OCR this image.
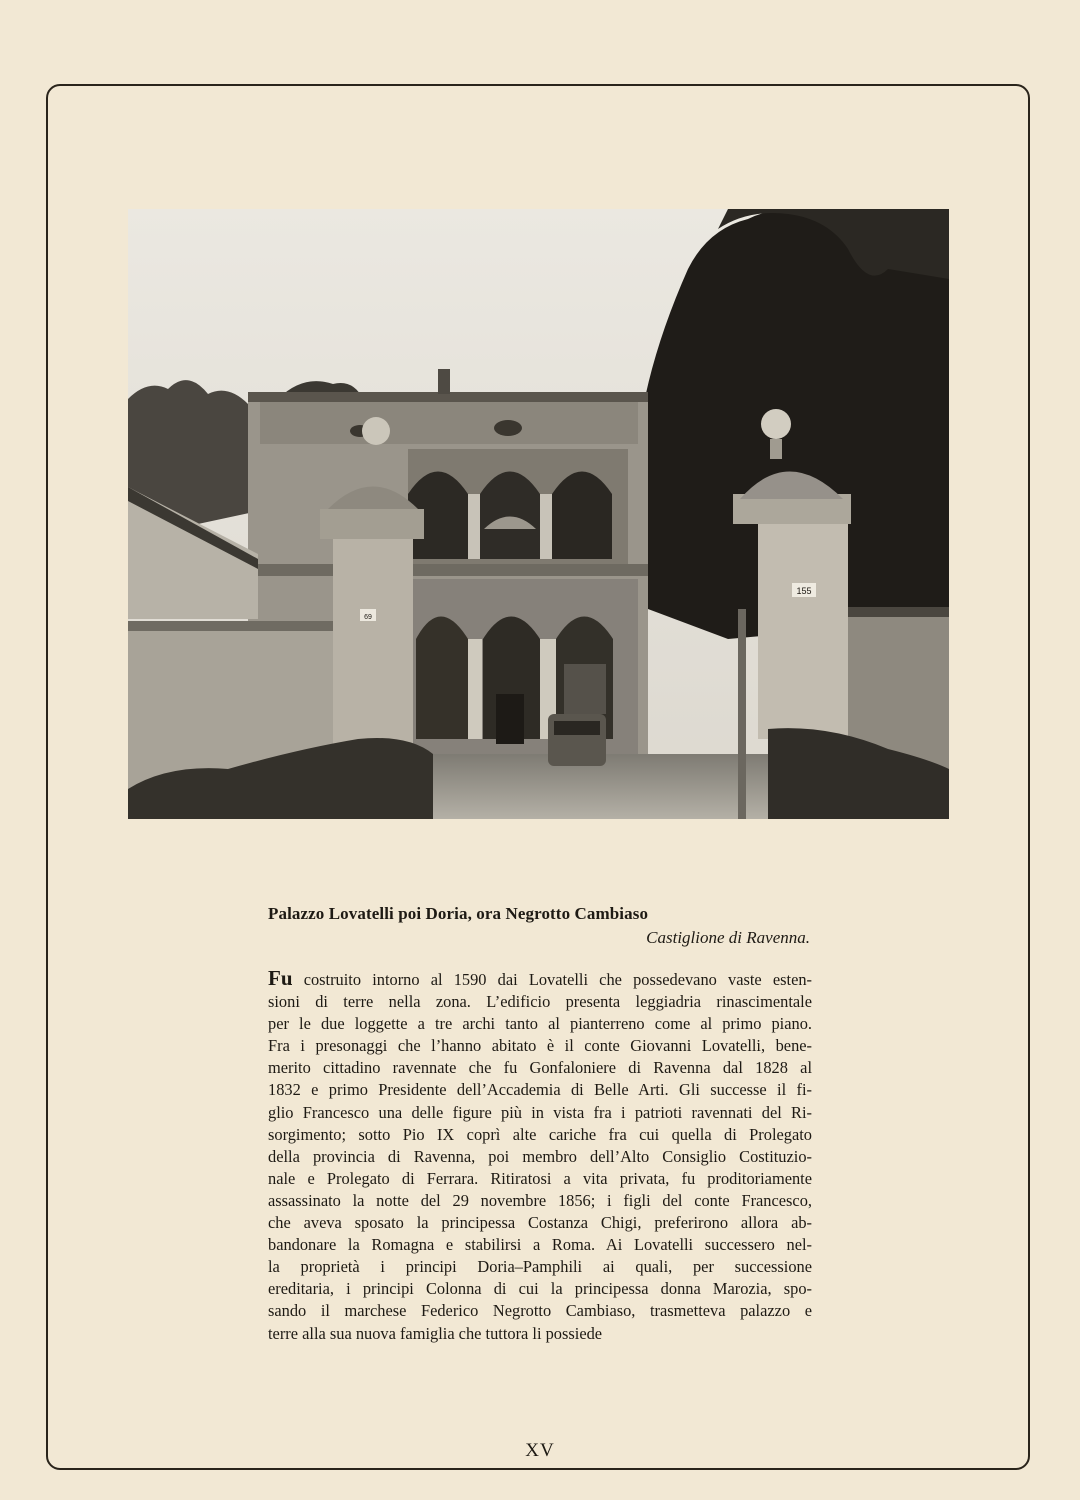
69
155
Palazzo Lovatelli poi Doria, ora Negrotto Cambiaso
Castiglione di Ravenna.
Fu costruito intorno al 1590 dai Lovatelli che possedevano vaste esten-
sioni di terre nella zona. L’edificio presenta leggiadria rinascimentale
per le due loggette a tre archi tanto al pianterreno come al primo piano.
Fra i presonaggi che l’hanno abitato è il conte Giovanni Lovatelli, bene-
merito cittadino ravennate che fu Gonfaloniere di Ravenna dal 1828 al
1832 e primo Presidente dell’Accademia di Belle Arti. Gli successe il fi-
glio Francesco una delle figure più in vista fra i patrioti ravennati del Ri-
sorgimento; sotto Pio IX coprì alte cariche fra cui quella di Prolegato
della provincia di Ravenna, poi membro dell’Alto Consiglio Costituzio-
nale e Prolegato di Ferrara. Ritiratosi a vita privata, fu proditoriamente
assassinato la notte del 29 novembre 1856; i figli del conte Francesco,
che aveva sposato la principessa Costanza Chigi, preferirono allora ab-
bandonare la Romagna e stabilirsi a Roma. Ai Lovatelli successero nel-
la proprietà i principi Doria–Pamphili ai quali, per successione
ereditaria, i principi Colonna di cui la principessa donna Marozia, spo-
sando il marchese Federico Negrotto Cambiaso, trasmetteva palazzo e
terre alla sua nuova famiglia che tuttora li possiede
XV
